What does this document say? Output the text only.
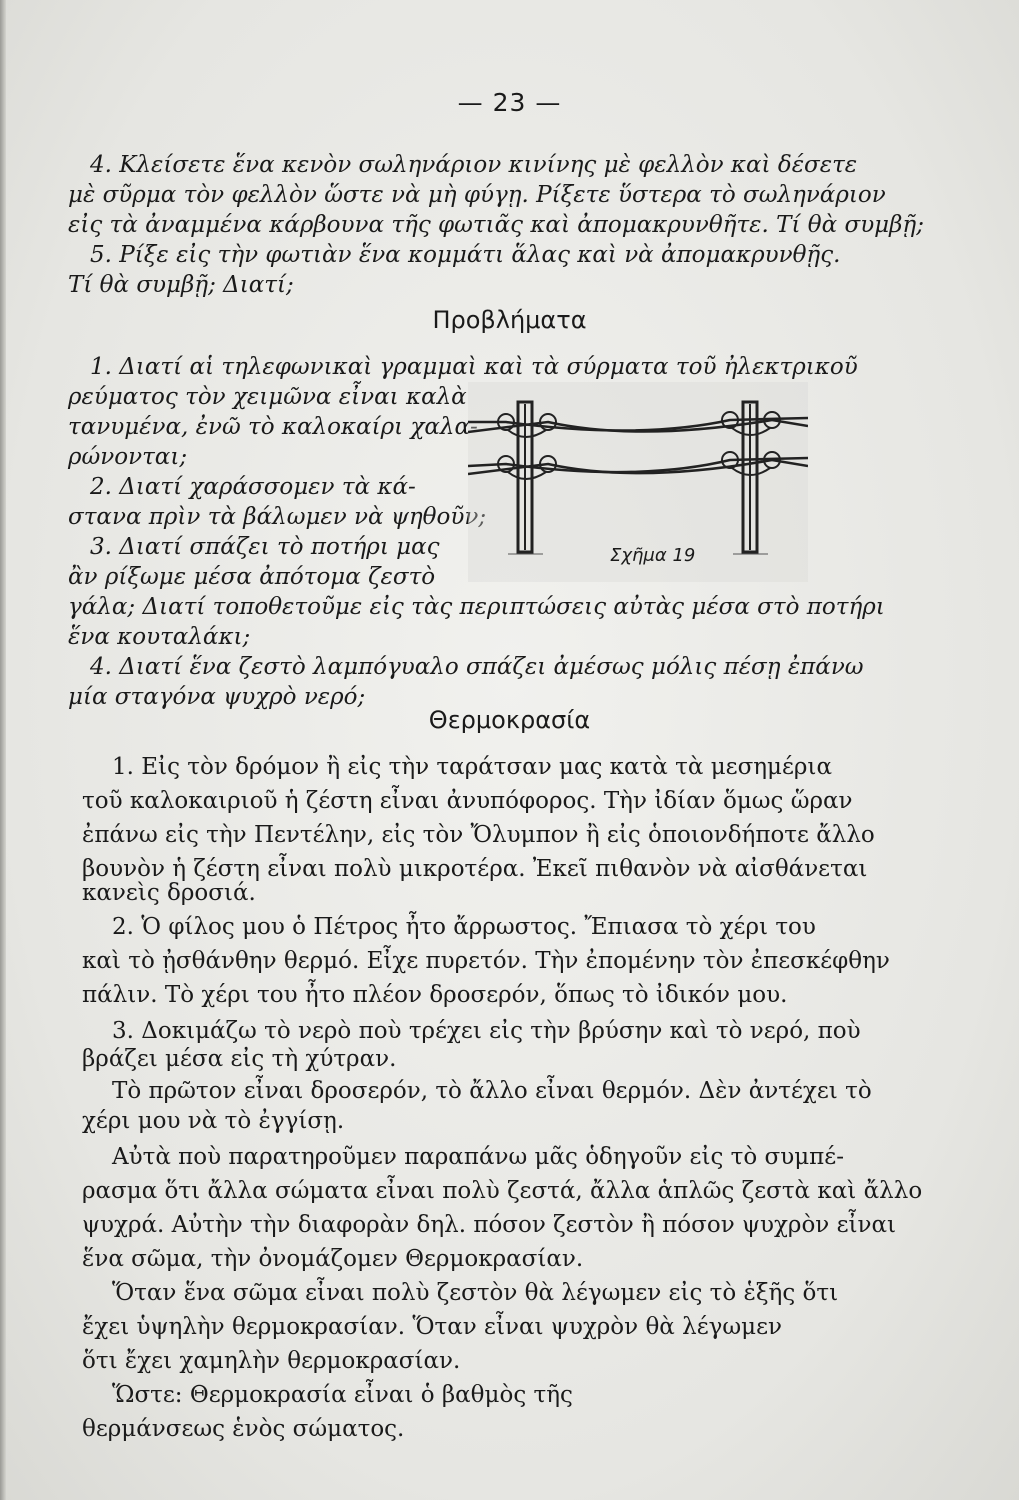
— 23 —
4. Κλείσετε ἕνα κενὸν σωληνάριον κινίνης μὲ φελλὸν καὶ δέσετε
μὲ σῦρμα τὸν φελλὸν ὥστε νὰ μὴ φύγῃ. Ρίξετε ὕστερα τὸ σωληνάριον
εἰς τὰ ἀναμμένα κάρβουνα τῆς φωτιᾶς καὶ ἀπομακρυνθῆτε. Τί θὰ συμβῇ;
5. Ρίξε εἰς τὴν φωτιὰν ἕνα κομμάτι ἅλας καὶ νὰ ἀπομακρυνθῇς.
Τί θὰ συμβῇ; Διατί;
Προβλήματα
1. Διατί αἱ τηλεφωνικαὶ γραμμαὶ καὶ τὰ σύρματα τοῦ ἠλεκτρικοῦ
ρεύματος τὸν χειμῶνα εἶναι καλὰ
τανυμένα, ἐνῶ τὸ καλοκαίρι χαλα-
ρώνονται;
2. Διατί χαράσσομεν τὰ κά-
στανα πρὶν τὰ βάλωμεν νὰ ψηθοῦν;
3. Διατί σπάζει τὸ ποτήρι μας
ἂν ρίξωμε μέσα ἀπότομα ζεστὸ
γάλα; Διατί τοποθετοῦμε εἰς τὰς περιπτώσεις αὐτὰς μέσα στὸ ποτήρι
ἕνα κουταλάκι;
4. Διατί ἕνα ζεστὸ λαμπόγυαλο σπάζει ἀμέσως μόλις πέσῃ ἐπάνω
μία σταγόνα ψυχρὸ νερό;
Σχῆμα 19
Θερμοκρασία
1. Εἰς τὸν δρόμον ἢ εἰς τὴν ταράτσαν μας κατὰ τὰ μεσημέρια
τοῦ καλοκαιριοῦ ἡ ζέστη εἶναι ἀνυπόφορος. Τὴν ἰδίαν ὅμως ὥραν
ἐπάνω εἰς τὴν Πεντέλην, εἰς τὸν Ὄλυμπον ἢ εἰς ὁποιονδήποτε ἄλλο
βουνὸν ἡ ζέστη εἶναι πολὺ μικροτέρα. Ἐκεῖ πιθανὸν νὰ αἰσθάνεται
κανεὶς δροσιά.
2. Ὁ φίλος μου ὁ Πέτρος ἦτο ἄρρωστος. Ἔπιασα τὸ χέρι του
καὶ τὸ ᾐσθάνθην θερμό. Εἶχε πυρετόν. Τὴν ἐπομένην τὸν ἐπεσκέφθην
πάλιν. Τὸ χέρι του ἦτο πλέον δροσερόν, ὅπως τὸ ἰδικόν μου.
3. Δοκιμάζω τὸ νερὸ ποὺ τρέχει εἰς τὴν βρύσην καὶ τὸ νερό, ποὺ
βράζει μέσα εἰς τὴ χύτραν.
Τὸ πρῶτον εἶναι δροσερόν, τὸ ἄλλο εἶναι θερμόν. Δὲν ἀντέχει τὸ
χέρι μου νὰ τὸ ἐγγίσῃ.
Αὐτὰ ποὺ παρατηροῦμεν παραπάνω μᾶς ὁδηγοῦν εἰς τὸ συμπέ-
ρασμα ὅτι ἄλλα σώματα εἶναι πολὺ ζεστά, ἄλλα ἁπλῶς ζεστὰ καὶ ἄλλο
ψυχρά. Αὐτὴν τὴν διαφορὰν δηλ. πόσον ζεστὸν ἢ πόσον ψυχρὸν εἶναι
ἕνα σῶμα, τὴν ὀνομάζομεν Θερμοκρασίαν.
Ὅταν ἕνα σῶμα εἶναι πολὺ ζεστὸν θὰ λέγωμεν εἰς τὸ ἑξῆς ὅτι
ἔχει ὑψηλὴν θερμοκρασίαν. Ὅταν εἶναι ψυχρὸν θὰ λέγωμεν
ὅτι ἔχει χαμηλὴν θερμοκρασίαν.
Ὥστε: Θερμοκρασία εἶναι ὁ βαθμὸς τῆς
θερμάνσεως ἑνὸς σώματος.
